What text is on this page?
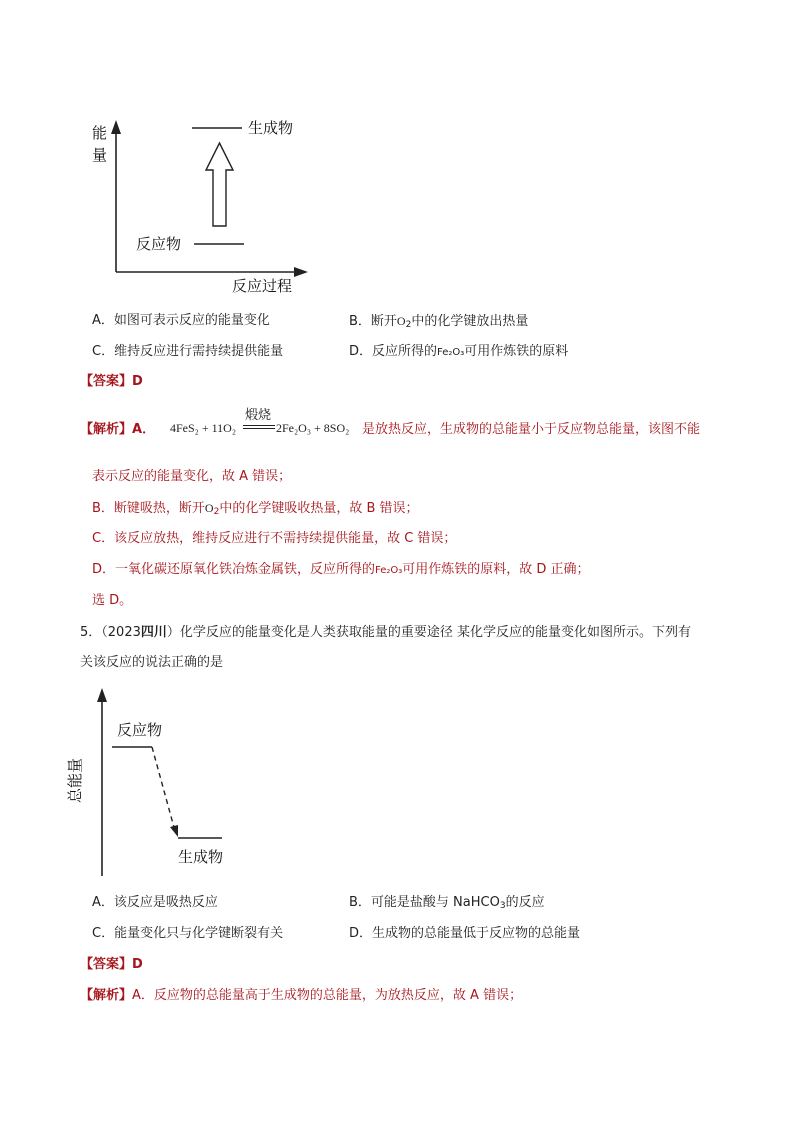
能
量
生成物
反应物
反应过程
A．如图可表示反应的能量变化	B．断开$O_2$中的化学键放出热量
C．维持反应进行需持续提供能量	D．反应所得的Fe₂O₃可用作炼铁的原料
【答案】D
【解析】A． 4FeS₂ + 11O₂
煅烧
2Fe₂O₃ + 8SO₂ 是放热反应，生成物的总能量小于反应物总能量，该图不能
表示反应的能量变化，故 A 错误；
B．断键吸热，断开$O_2$中的化学键吸收热量，故 B 错误；
C．该反应放热，维持反应进行不需持续提供能量，故 C 错误；
D．一氧化碳还原氧化铁冶炼金属铁，反应所得的Fe₂O₃可用作炼铁的原料，故 D 正确；
选 D。
5．（2023四川）化学反应的能量变化是人类获取能量的重要途径 某化学反应的能量变化如图所示。下列有
关该反应的说法正确的是
反应物
生成物
总能量
A．该反应是吸热反应	B．可能是盐酸与 NaHCO$_3$的反应
C．能量变化只与化学键断裂有关	D．生成物的总能量低于反应物的总能量
【答案】D
【解析】A．反应物的总能量高于生成物的总能量，为放热反应，故 A 错误；
